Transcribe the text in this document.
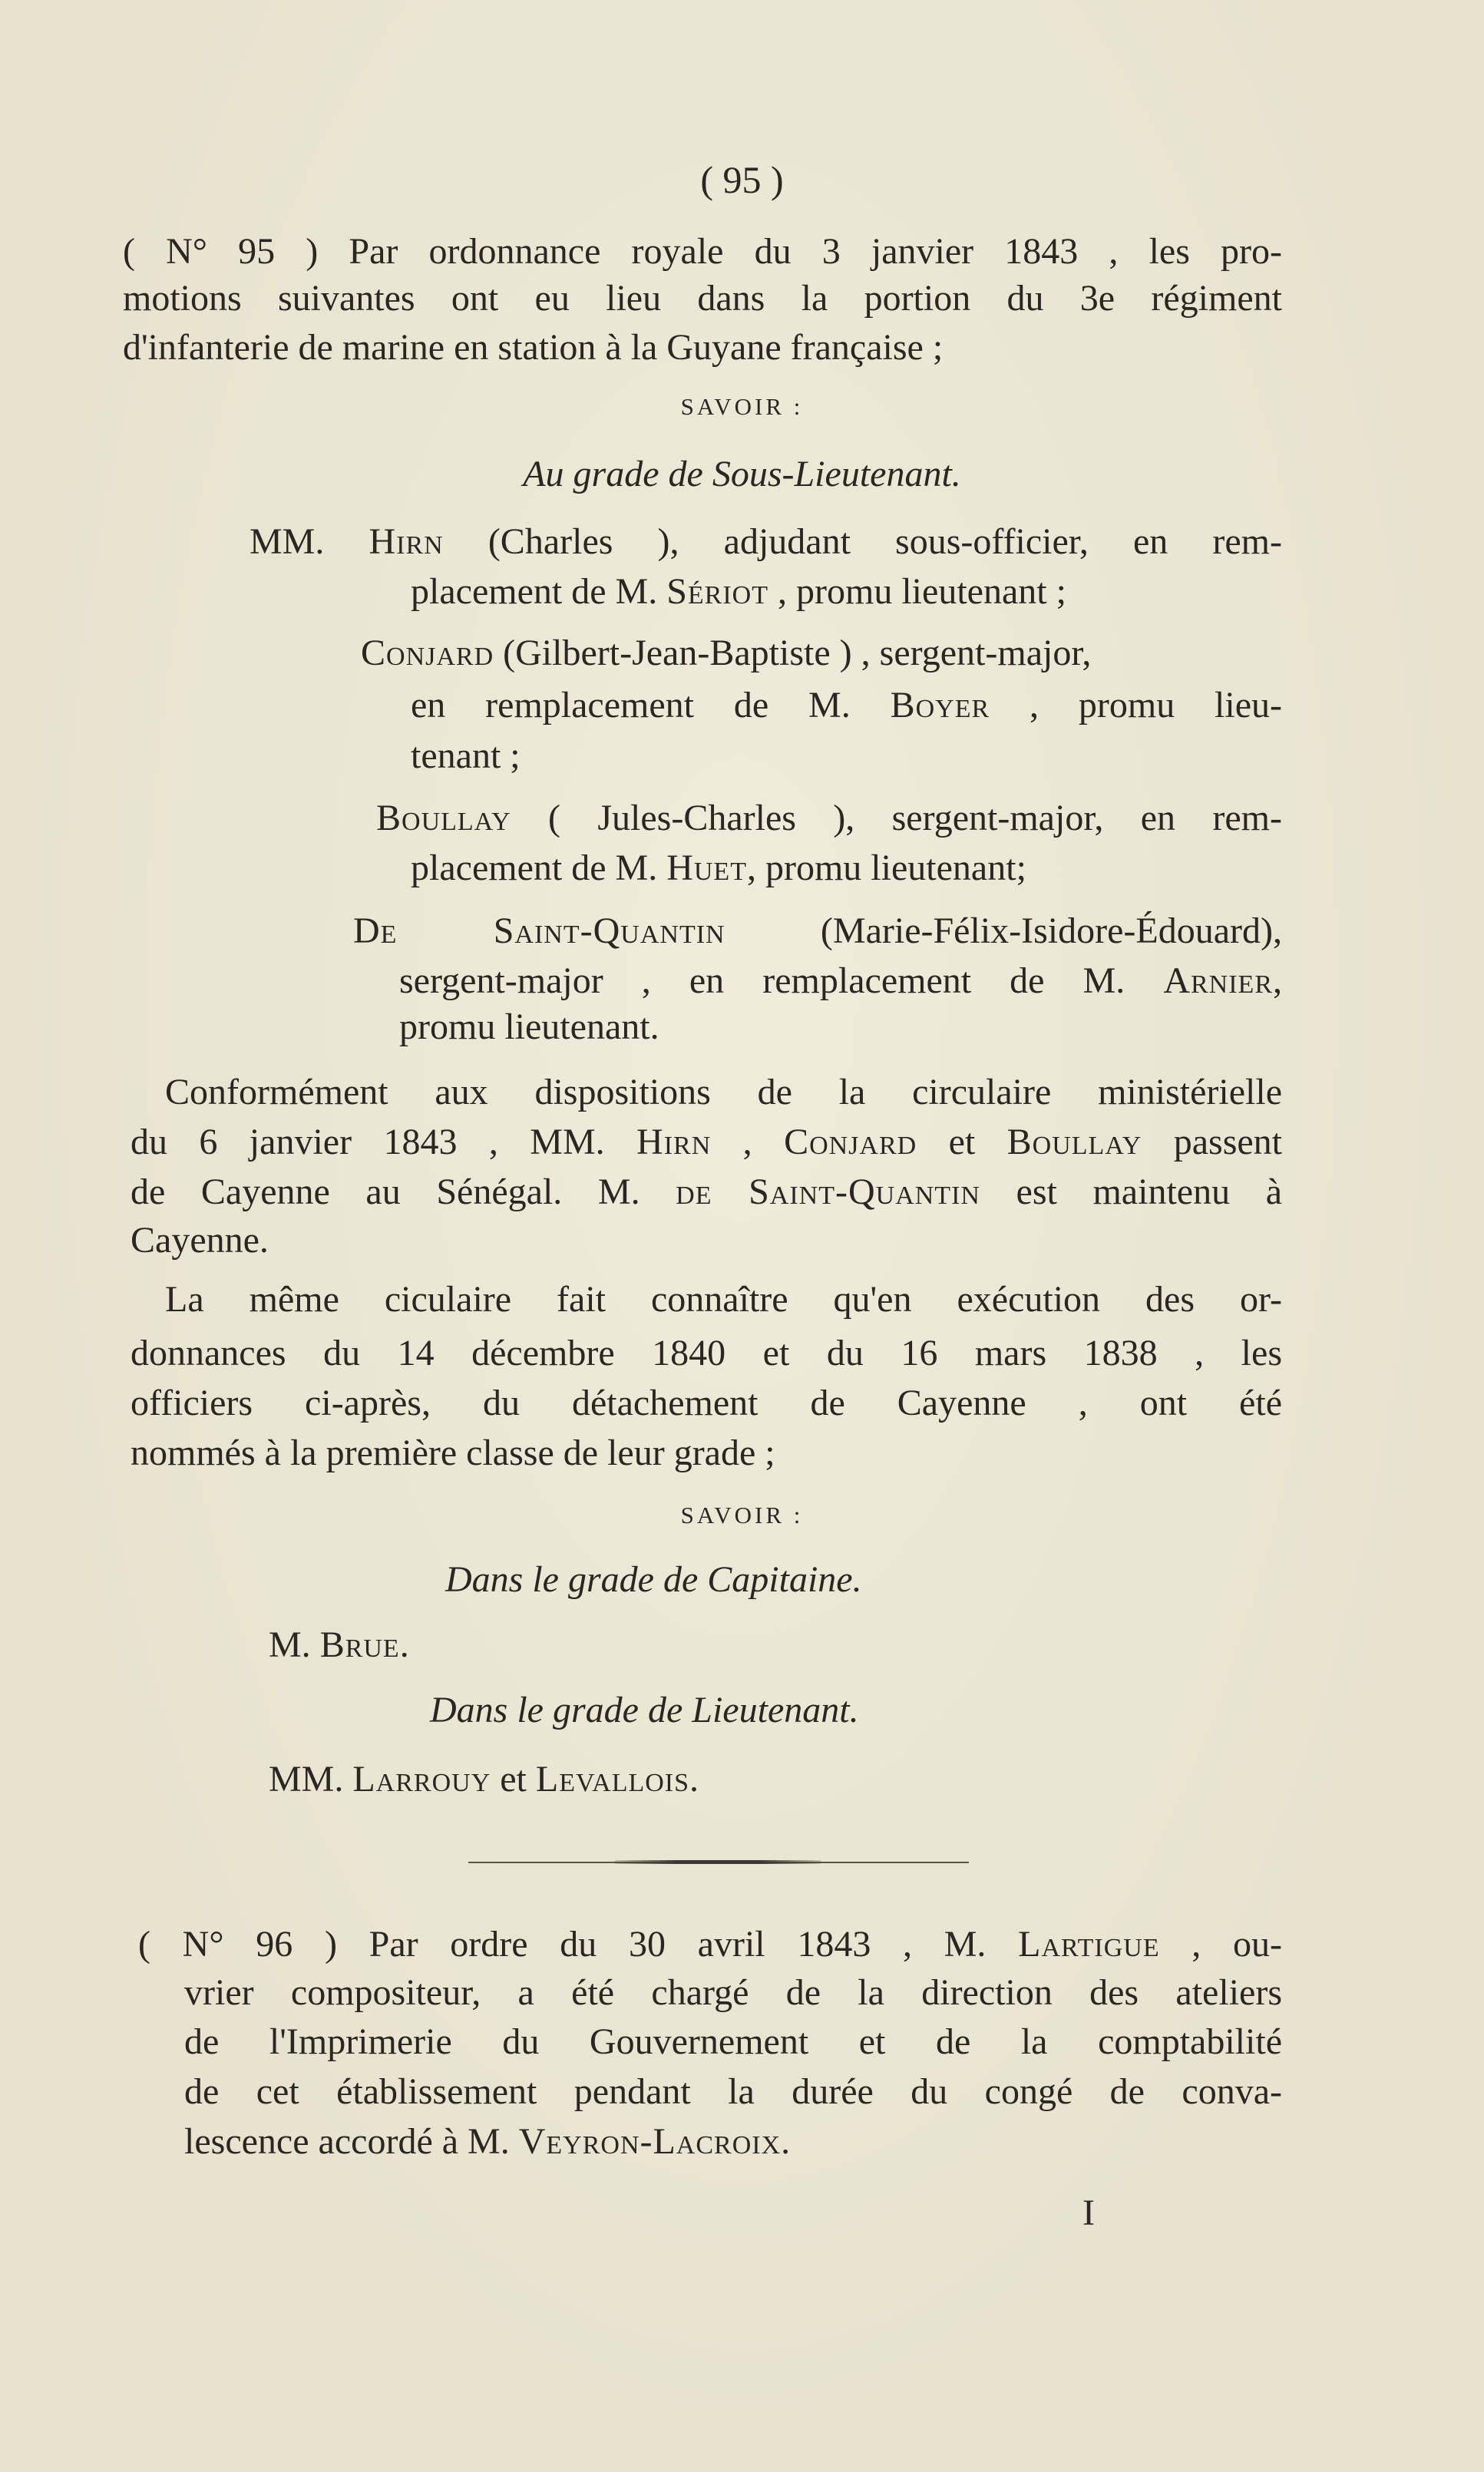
( 95 )
( N° 95 ) Par ordonnance royale du 3 janvier 1843 , les pro-
motions suivantes ont eu lieu dans la portion du 3e régiment
d'infanterie de marine en station à la Guyane française ;
SAVOIR :
Au grade de Sous-Lieutenant.
MM. Hirn (Charles ), adjudant sous-officier, en rem-
placement de M. Sériot , promu lieutenant ;
Conjard (Gilbert-Jean-Baptiste ) , sergent-major,
en remplacement de M. Boyer , promu lieu-
tenant ;
Boullay ( Jules-Charles ), sergent-major, en rem-
placement de M. Huet, promu lieutenant;
De Saint-Quantin (Marie-Félix-Isidore-Édouard),
sergent-major , en remplacement de M. Arnier,
promu lieutenant.
Conformément aux dispositions de la circulaire ministérielle
du 6 janvier 1843 , MM. Hirn , Conjard et Boullay passent
de Cayenne au Sénégal. M. de Saint-Quantin est maintenu à
Cayenne.
La même ciculaire fait connaître qu'en exécution des or-
donnances du 14 décembre 1840 et du 16 mars 1838 , les
officiers ci-après, du détachement de Cayenne , ont été
nommés à la première classe de leur grade ;
SAVOIR :
Dans le grade de Capitaine.
M. Brue.
Dans le grade de Lieutenant.
MM. Larrouy et Levallois.
( N° 96 ) Par ordre du 30 avril 1843 , M. Lartigue , ou-
vrier compositeur, a été chargé de la direction des ateliers
de l'Imprimerie du Gouvernement et de la comptabilité
de cet établissement pendant la durée du congé de conva-
lescence accordé à M. Veyron-Lacroix.
I
